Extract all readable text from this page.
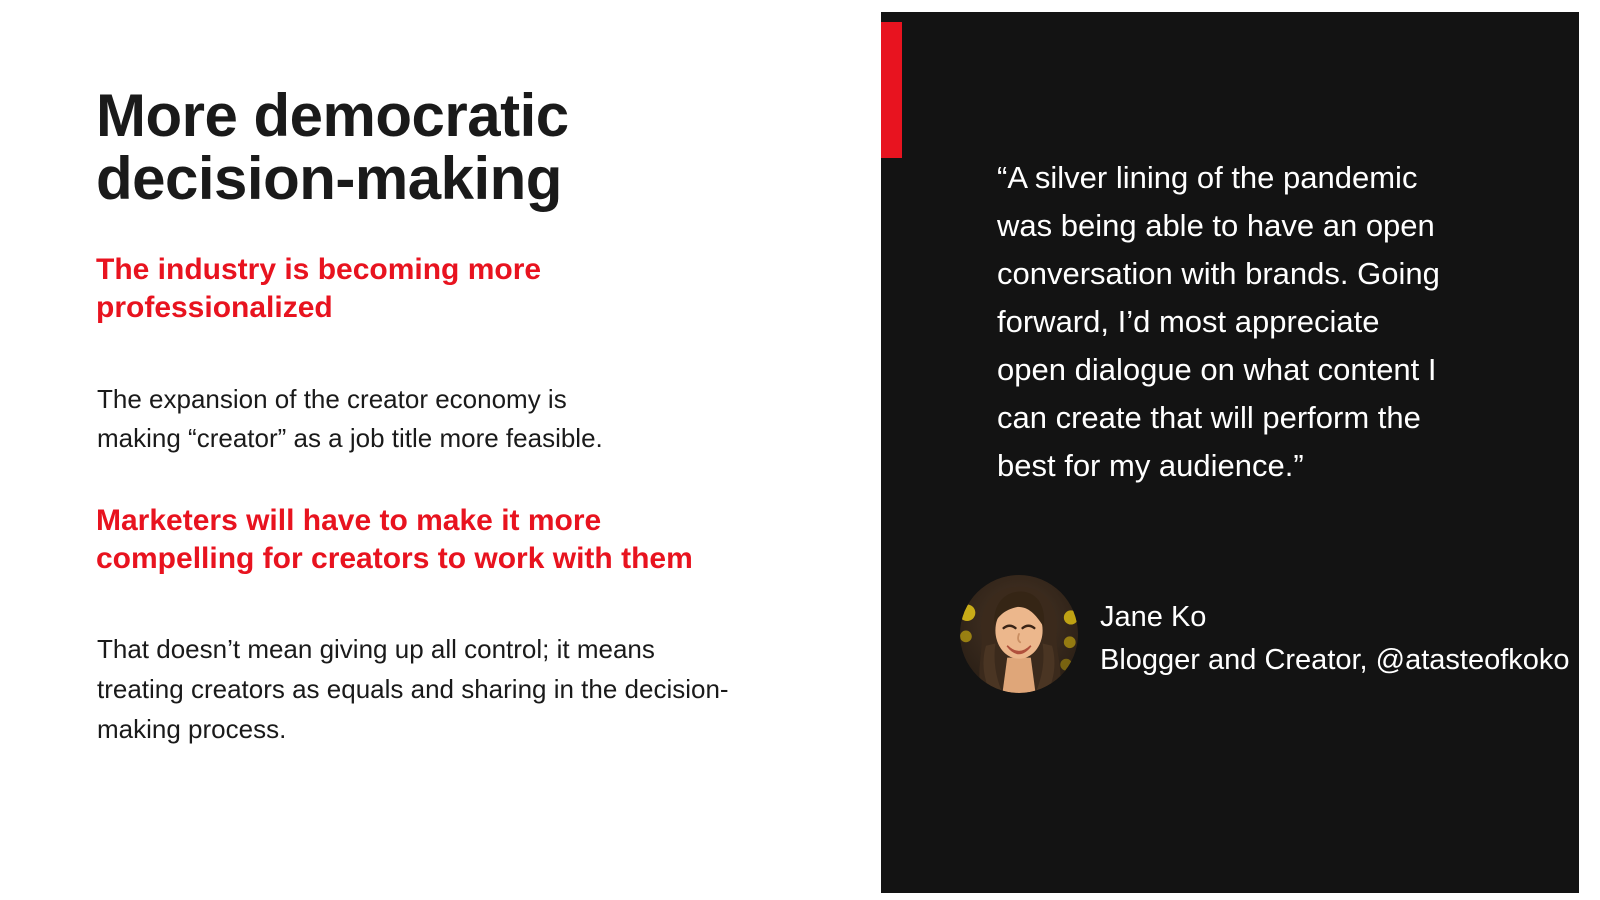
More democratic
decision-making
The industry is becoming more
professionalized

The expansion of the creator economy is
making “creator” as a job title more feasible.

Marketers will have to make it more
compelling for creators to work with them

That doesn’t mean giving up all control; it means
treating creators as equals and sharing in the decision-
making process.

“A silver lining of the pandemic
was being able to have an open
conversation with brands. Going
forward, I’d most appreciate
open dialogue on what content I
can create that will perform the
best for my audience.”
Jane Ko
Blogger and Creator, @atasteofkoko
